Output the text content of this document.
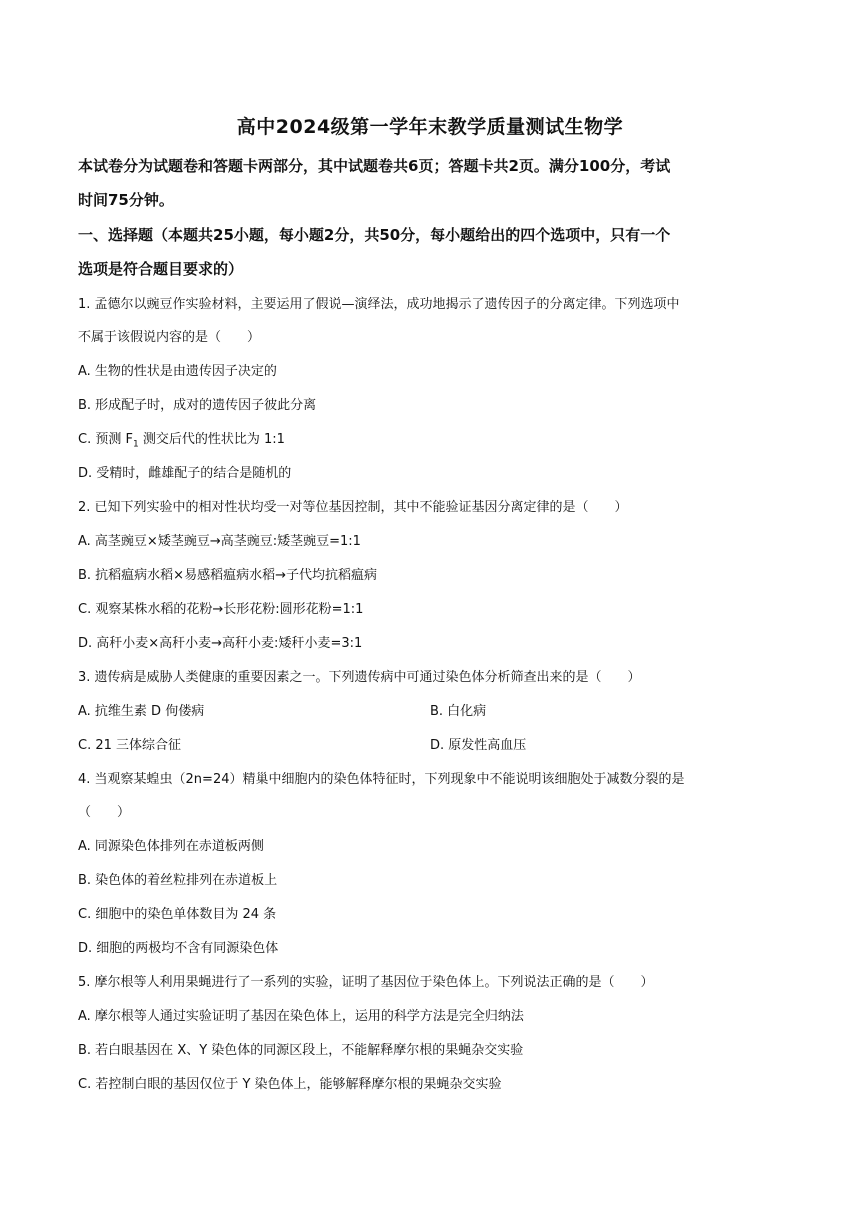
高中2024级第一学年末教学质量测试生物学
本试卷分为试题卷和答题卡两部分，其中试题卷共6页；答题卡共2页。满分100分，考试
时间75分钟。
一、选择题（本题共25小题，每小题2分，共50分，每小题给出的四个选项中，只有一个
选项是符合题目要求的）
1. 孟德尔以豌豆作实验材料，主要运用了假说—演绎法，成功地揭示了遗传因子的分离定律。下列选项中
不属于该假说内容的是（　　）
A. 生物的性状是由遗传因子决定的
B. 形成配子时，成对的遗传因子彼此分离
C. 预测 $F_1$ 测交后代的性状比为 1:1
D. 受精时，雌雄配子的结合是随机的
2. 已知下列实验中的相对性状均受一对等位基因控制，其中不能验证基因分离定律的是（　　）
A. 高茎豌豆×矮茎豌豆→高茎豌豆:矮茎豌豆=1:1
B. 抗稻瘟病水稻×易感稻瘟病水稻→子代均抗稻瘟病
C. 观察某株水稻的花粉→长形花粉:圆形花粉=1:1
D. 高秆小麦×高秆小麦→高秆小麦:矮秆小麦=3:1
3. 遗传病是威胁人类健康的重要因素之一。下列遗传病中可通过染色体分析筛查出来的是（　　）
A. 抗维生素 D 佝偻病	B. 白化病
C. 21 三体综合征	D. 原发性高血压
4. 当观察某蝗虫（2n=24）精巢中细胞内的染色体特征时，下列现象中不能说明该细胞处于减数分裂的是
（　　）
A. 同源染色体排列在赤道板两侧
B. 染色体的着丝粒排列在赤道板上
C. 细胞中的染色单体数目为 24 条
D. 细胞的两极均不含有同源染色体
5. 摩尔根等人利用果蝇进行了一系列的实验，证明了基因位于染色体上。下列说法正确的是（　　）
A. 摩尔根等人通过实验证明了基因在染色体上，运用的科学方法是完全归纳法
B. 若白眼基因在 X、Y 染色体的同源区段上，不能解释摩尔根的果蝇杂交实验
C. 若控制白眼的基因仅位于 Y 染色体上，能够解释摩尔根的果蝇杂交实验
